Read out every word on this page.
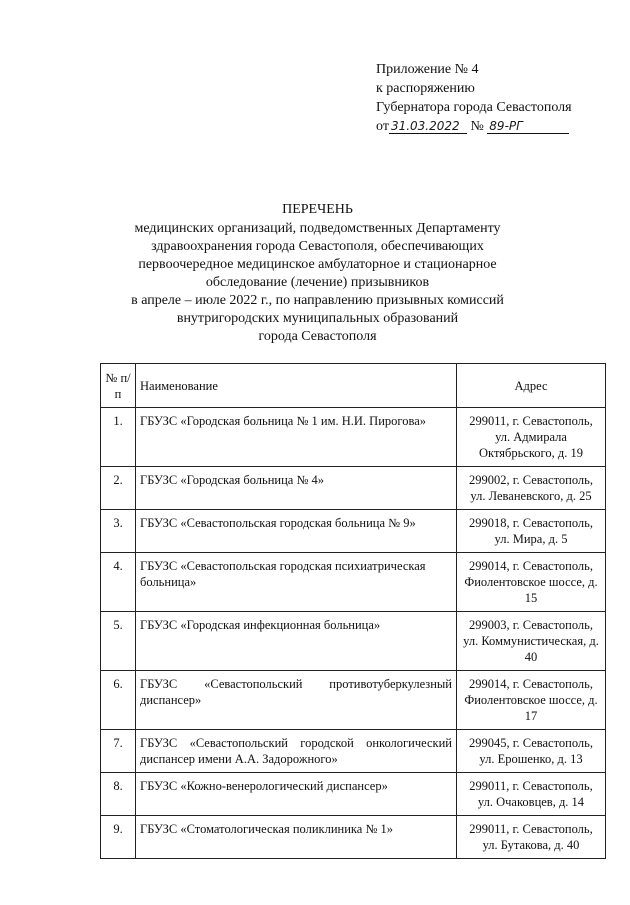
Приложение № 4
к распоряжению
Губернатора города Севастополя
от 31.03.2022 № 89-РГ
ПЕРЕЧЕНЬ
медицинских организаций, подведомственных Департаменту
здравоохранения города Севастополя, обеспечивающих
первоочередное медицинское амбулаторное и стационарное
обследование (лечение) призывников
в апреле – июле 2022 г., по направлению призывных комиссий
внутригородских муниципальных образований
города Севастополя
№ п/п	Наименование	Адрес
1.	ГБУЗС «Городская больница № 1 им. Н.И. Пирогова»	299011, г. Севастополь, ул. Адмирала Октябрьского, д. 19
2.	ГБУЗС «Городская больница № 4»	299002, г. Севастополь, ул. Леваневского, д. 25
3.	ГБУЗС «Севастопольская городская больница № 9»	299018, г. Севастополь, ул. Мира, д. 5
4.	ГБУЗС «Севастопольская городская психиатрическая больница»	299014, г. Севастополь, Фиолентовское шоссе, д. 15
5.	ГБУЗС «Городская инфекционная больница»	299003, г. Севастополь, ул. Коммунистическая, д. 40
6.	ГБУЗС «Севастопольский противотуберкулезный диспансер»	299014, г. Севастополь, Фиолентовское шоссе, д. 17
7.	ГБУЗС «Севастопольский городской онкологический диспансер имени А.А. Задорожного»	299045, г. Севастополь, ул. Ерошенко, д. 13
8.	ГБУЗС «Кожно-венерологический диспансер»	299011, г. Севастополь, ул. Очаковцев, д. 14
9.	ГБУЗС «Стоматологическая поликлиника № 1»	299011, г. Севастополь, ул. Бутакова, д. 40
